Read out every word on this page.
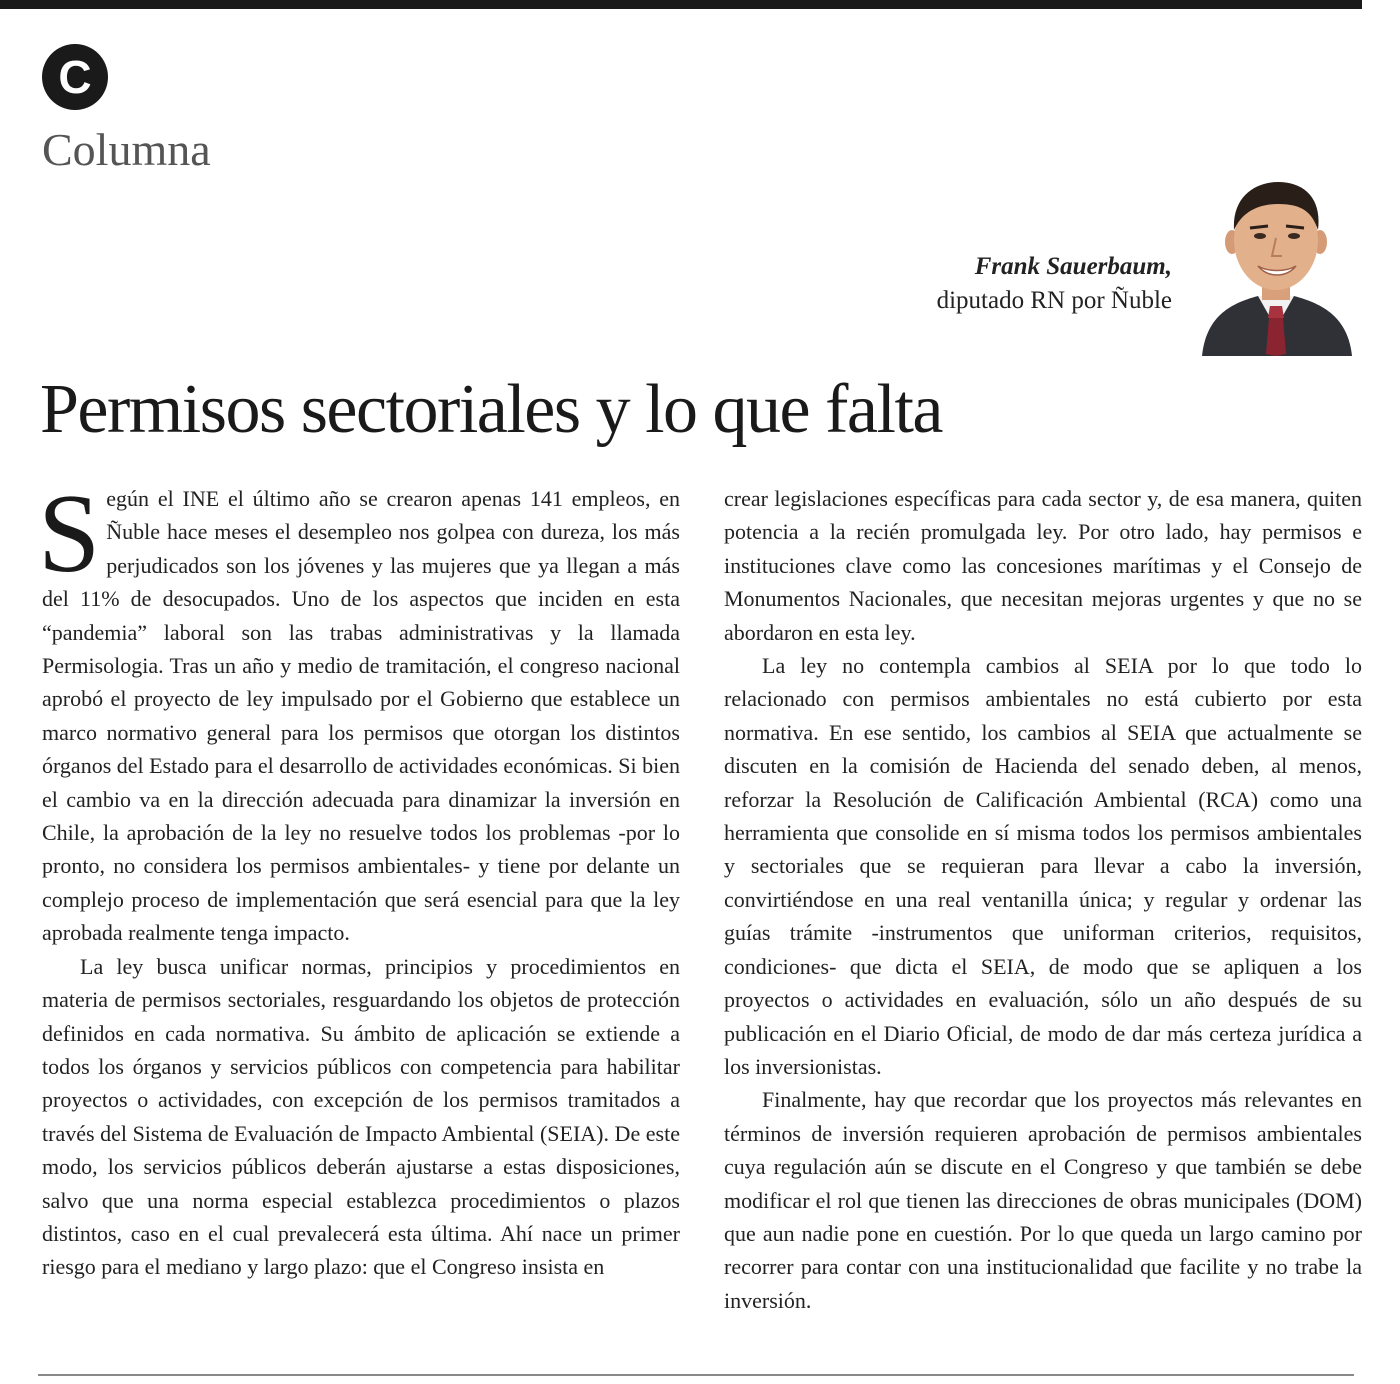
C
Columna
Frank Sauerbaum,
diputado RN por Ñuble
Permisos sectoriales y lo que falta

Según el INE el último año se crearon apenas 141 empleos, en Ñuble hace meses el desempleo nos golpea con dureza, los más perjudicados son los jóvenes y las mujeres que ya llegan a más del 11% de desocupados. Uno de los aspectos que inciden en esta “pandemia” laboral son las trabas administrativas y la llamada Permisologia. Tras un año y medio de tramitación, el congreso nacional aprobó el proyecto de ley impulsado por el Gobierno que establece un marco normativo general para los permisos que otorgan los distintos órganos del Estado para el desarrollo de actividades económicas. Si bien el cambio va en la dirección adecuada para dinamizar la inversión en Chile, la aprobación de la ley no resuelve todos los problemas -por lo pronto, no considera los permisos ambientales- y tiene por delante un complejo proceso de implementación que será esencial para que la ley aprobada realmente tenga impacto.

La ley busca unificar normas, principios y procedimientos en materia de permisos sectoriales, resguardando los objetos de protección definidos en cada normativa. Su ámbito de aplicación se extiende a todos los órganos y servicios públicos con competencia para habilitar proyectos o actividades, con excepción de los permisos tramitados a través del Sistema de Evaluación de Impacto Ambiental (SEIA). De este modo, los servicios públicos deberán ajustarse a estas disposiciones, salvo que una norma especial establezca procedimientos o plazos distintos, caso en el cual prevalecerá esta última. Ahí nace un primer riesgo para el mediano y largo plazo: que el Congreso insista en

crear legislaciones específicas para cada sector y, de esa manera, quiten potencia a la recién promulgada ley. Por otro lado, hay permisos e instituciones clave como las concesiones marítimas y el Consejo de Monumentos Nacionales, que necesitan mejoras urgentes y que no se abordaron en esta ley.

La ley no contempla cambios al SEIA por lo que todo lo relacionado con permisos ambientales no está cubierto por esta normativa. En ese sentido, los cambios al SEIA que actualmente se discuten en la comisión de Hacienda del senado deben, al menos, reforzar la Resolución de Calificación Ambiental (RCA) como una herramienta que consolide en sí misma todos los permisos ambientales y sectoriales que se requieran para llevar a cabo la inversión, convirtiéndose en una real ventanilla única; y regular y ordenar las guías trámite -instrumentos que uniforman criterios, requisitos, condiciones- que dicta el SEIA, de modo que se apliquen a los proyectos o actividades en evaluación, sólo un año después de su publicación en el Diario Oficial, de modo de dar más certeza jurídica a los inversionistas.

Finalmente, hay que recordar que los proyectos más relevantes en términos de inversión requieren aprobación de permisos ambientales cuya regulación aún se discute en el Congreso y que también se debe modificar el rol que tienen las direcciones de obras municipales (DOM) que aun nadie pone en cuestión. Por lo que queda un largo camino por recorrer para contar con una institucionalidad que facilite y no trabe la inversión.
